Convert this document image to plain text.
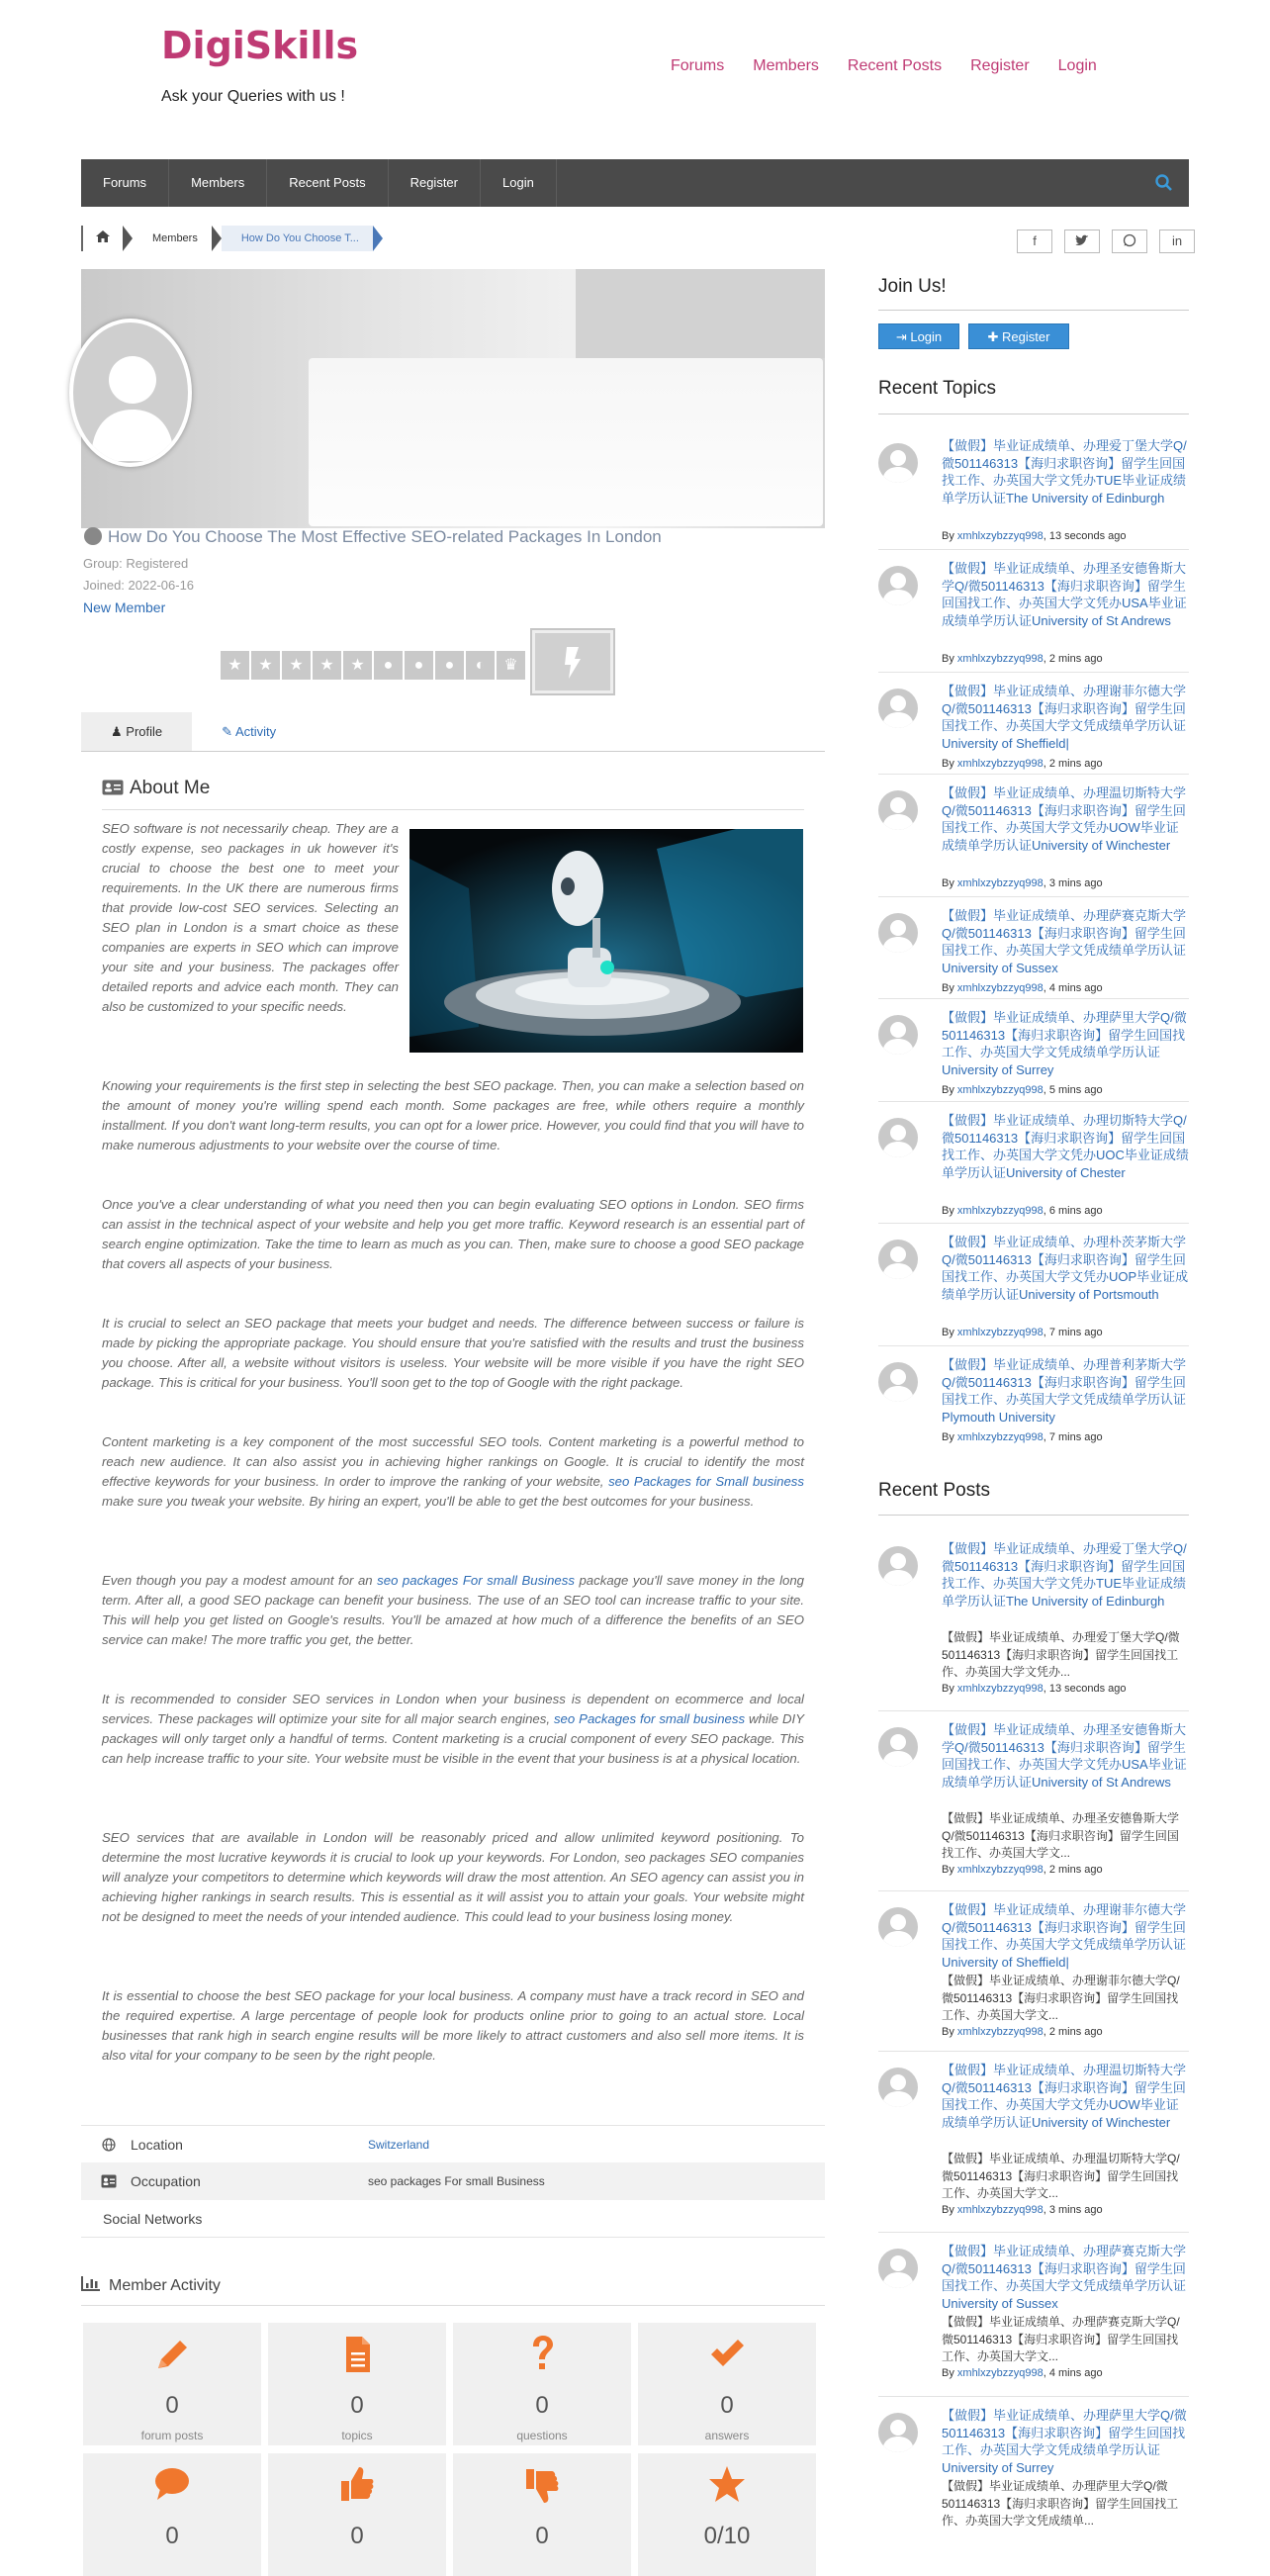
DigiSkills
Ask your Queries with us !
Forums Members Recent Posts Register Login
Forums	Members	Recent Posts	Register	Login
Members	How Do You Choose T...	f	in
How Do You Choose The Most Effective SEO-related Packages In London
Group: Registered
Joined: 2022-06-16
New Member
★	★	★	★	★	●	●	●	◐	♛
♟ Profile	✎ Activity
About Me
SEO software is not necessarily cheap. They are a costly expense, seo packages in uk however it's crucial to choose the best one to meet your requirements. In the UK there are numerous firms that provide low-cost SEO services. Selecting an SEO plan in London is a smart choice as these companies are experts in SEO which can improve your site and your business. The packages offer detailed reports and advice each month. They can also be customized to your specific needs.
Knowing your requirements is the first step in selecting the best SEO package. Then, you can make a selection based on the amount of money you're willing spend each month. Some packages are free, while others require a monthly installment. If you don't want long-term results, you can opt for a lower price. However, you could find that you will have to make numerous adjustments to your website over the course of time.
Once you've a clear understanding of what you need then you can begin evaluating SEO options in London. SEO firms can assist in the technical aspect of your website and help you get more traffic. Keyword research is an essential part of search engine optimization. Take the time to learn as much as you can. Then, make sure to choose a good SEO package that covers all aspects of your business.
It is crucial to select an SEO package that meets your budget and needs. The difference between success or failure is made by picking the appropriate package. You should ensure that you're satisfied with the results and trust the business you choose. After all, a website without visitors is useless. Your website will be more visible if you have the right SEO package. This is critical for your business. You'll soon get to the top of Google with the right package.
Content marketing is a key component of the most successful SEO tools. Content marketing is a powerful method to reach new audience. It can also assist you in achieving higher rankings on Google. It is crucial to identify the most effective keywords for your business. In order to improve the ranking of your website, seo Packages for Small business make sure you tweak your website. By hiring an expert, you'll be able to get the best outcomes for your business.
Even though you pay a modest amount for an seo packages For small Business package you'll save money in the long term. After all, a good SEO package can benefit your business. The use of an SEO tool can increase traffic to your site. This will help you get listed on Google's results. You'll be amazed at how much of a difference the benefits of an SEO service can make! The more traffic you get, the better.
It is recommended to consider SEO services in London when your business is dependent on ecommerce and local services. These packages will optimize your site for all major search engines, seo Packages for small business while DIY packages will only target only a handful of terms. Content marketing is a crucial component of every SEO package. This can help increase traffic to your site. Your website must be visible in the event that your business is at a physical location.
SEO services that are available in London will be reasonably priced and allow unlimited keyword positioning. To determine the most lucrative keywords it is crucial to look up your keywords. For London, seo packages SEO companies will analyze your competitors to determine which keywords will draw the most attention. An SEO agency can assist you in achieving higher rankings in search results. This is essential as it will assist you to attain your goals. Your website might not be designed to meet the needs of your intended audience. This could lead to your business losing money.
It is essential to choose the best SEO package for your local business. A company must have a track record in SEO and the required expertise. A large percentage of people look for products online prior to going to an actual store. Local businesses that rank high in search engine results will be more likely to attract customers and also sell more items. It is also vital for your company to be seen by the right people.
Location	Switzerland
Occupation	seo packages For small Business
Social Networks
Member Activity
0
forum posts
0
topics
0
questions
0
answers
0	0	0	0/10
Join Us!
⇥ Login	✚ Register
Recent Topics
【做假】毕业证成绩单、办理爱丁堡大学Q/微501146313【海归求职咨询】留学生回国找工作、办英国大学文凭办TUE毕业证成绩单学历认证The University of Edinburgh
By xmhlxzybzzyq998, 13 seconds ago
【做假】毕业证成绩单、办理圣安德鲁斯大学Q/微501146313【海归求职咨询】留学生回国找工作、办英国大学文凭办USA毕业证成绩单学历认证University of St Andrews
By xmhlxzybzzyq998, 2 mins ago
【做假】毕业证成绩单、办理谢菲尔德大学Q/微501146313【海归求职咨询】留学生回国找工作、办英国大学文凭成绩单学历认证University of Sheffield|
By xmhlxzybzzyq998, 2 mins ago
【做假】毕业证成绩单、办理温切斯特大学Q/微501146313【海归求职咨询】留学生回国找工作、办英国大学文凭办UOW毕业证成绩单学历认证University of Winchester
By xmhlxzybzzyq998, 3 mins ago
【做假】毕业证成绩单、办理萨赛克斯大学Q/微501146313【海归求职咨询】留学生回国找工作、办英国大学文凭成绩单学历认证University of Sussex
By xmhlxzybzzyq998, 4 mins ago
【做假】毕业证成绩单、办理萨里大学Q/微501146313【海归求职咨询】留学生回国找工作、办英国大学文凭成绩单学历认证University of Surrey
By xmhlxzybzzyq998, 5 mins ago
【做假】毕业证成绩单、办理切斯特大学Q/微501146313【海归求职咨询】留学生回国找工作、办英国大学文凭办UOC毕业证成绩单学历认证University of Chester
By xmhlxzybzzyq998, 6 mins ago
【做假】毕业证成绩单、办理朴茨茅斯大学Q/微501146313【海归求职咨询】留学生回国找工作、办英国大学文凭办UOP毕业证成绩单学历认证University of Portsmouth
By xmhlxzybzzyq998, 7 mins ago
【做假】毕业证成绩单、办理普利茅斯大学Q/微501146313【海归求职咨询】留学生回国找工作、办英国大学文凭成绩单学历认证Plymouth University
By xmhlxzybzzyq998, 7 mins ago
Recent Posts
【做假】毕业证成绩单、办理爱丁堡大学Q/微501146313【海归求职咨询】留学生回国找工作、办英国大学文凭办TUE毕业证成绩单学历认证The University of Edinburgh
【做假】毕业证成绩单、办理爱丁堡大学Q/微501146313【海归求职咨询】留学生回国找工作、办英国大学文凭办...
By xmhlxzybzzyq998, 13 seconds ago
【做假】毕业证成绩单、办理圣安德鲁斯大学Q/微501146313【海归求职咨询】留学生回国找工作、办英国大学文凭办USA毕业证成绩单学历认证University of St Andrews
【做假】毕业证成绩单、办理圣安德鲁斯大学Q/微501146313【海归求职咨询】留学生回国找工作、办英国大学文...
By xmhlxzybzzyq998, 2 mins ago
【做假】毕业证成绩单、办理谢菲尔德大学Q/微501146313【海归求职咨询】留学生回国找工作、办英国大学文凭成绩单学历认证University of Sheffield|
【做假】毕业证成绩单、办理谢菲尔德大学Q/微501146313【海归求职咨询】留学生回国找工作、办英国大学文...
By xmhlxzybzzyq998, 2 mins ago
【做假】毕业证成绩单、办理温切斯特大学Q/微501146313【海归求职咨询】留学生回国找工作、办英国大学文凭办UOW毕业证成绩单学历认证University of Winchester
【做假】毕业证成绩单、办理温切斯特大学Q/微501146313【海归求职咨询】留学生回国找工作、办英国大学文...
By xmhlxzybzzyq998, 3 mins ago
【做假】毕业证成绩单、办理萨赛克斯大学Q/微501146313【海归求职咨询】留学生回国找工作、办英国大学文凭成绩单学历认证University of Sussex
【做假】毕业证成绩单、办理萨赛克斯大学Q/微501146313【海归求职咨询】留学生回国找工作、办英国大学文...
By xmhlxzybzzyq998, 4 mins ago
【做假】毕业证成绩单、办理萨里大学Q/微501146313【海归求职咨询】留学生回国找工作、办英国大学文凭成绩单学历认证University of Surrey
【做假】毕业证成绩单、办理萨里大学Q/微501146313【海归求职咨询】留学生回国找工作、办英国大学文凭成绩单...
